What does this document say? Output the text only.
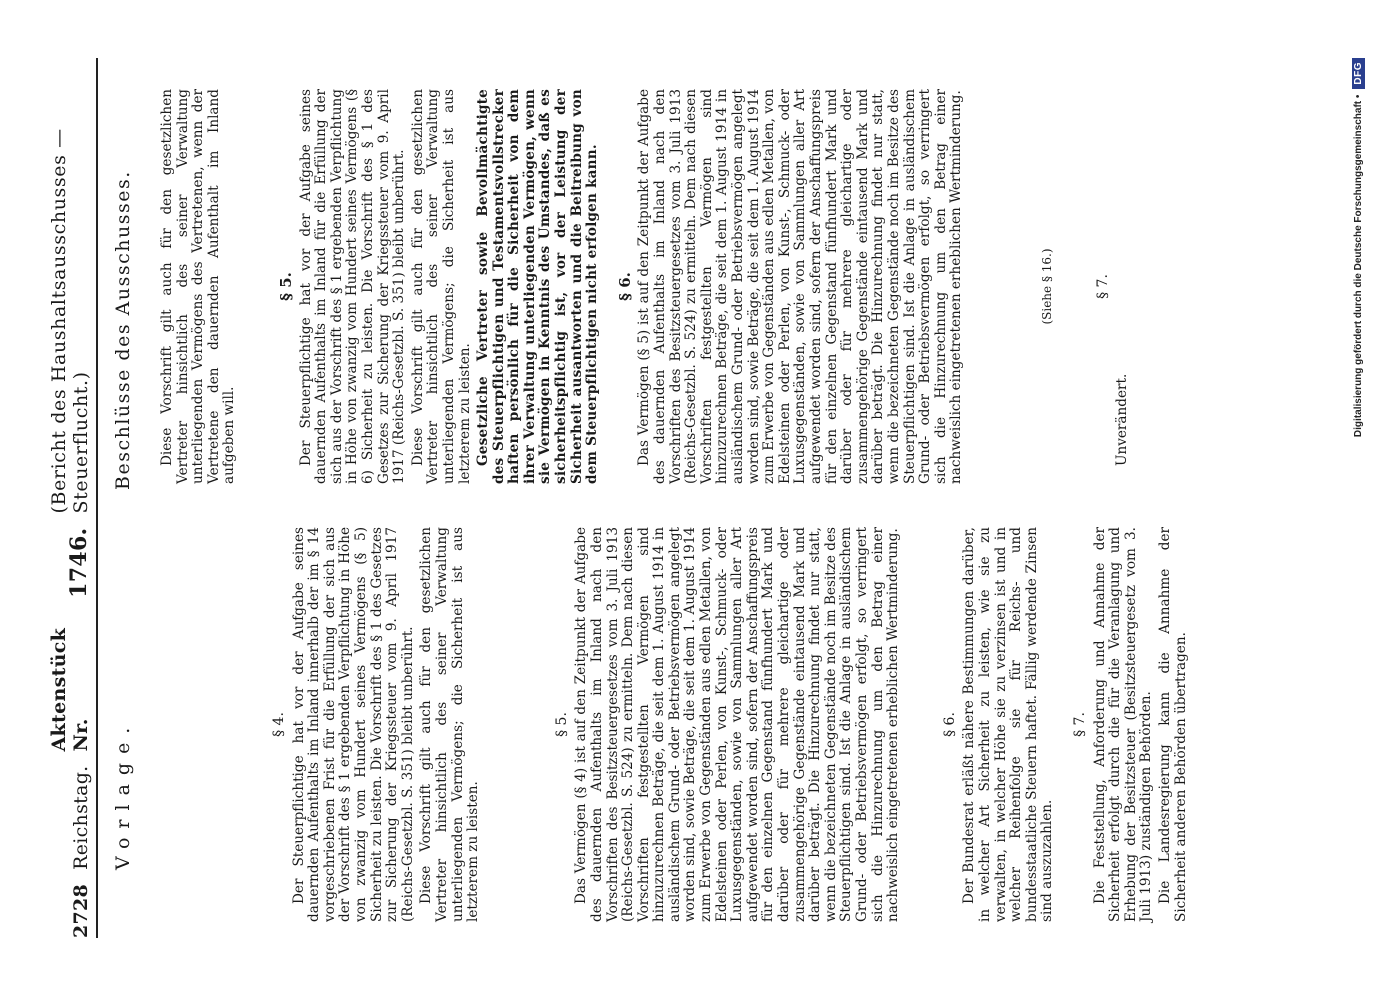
2728
Reichstag.
Aktenstück Nr.
1746.
(Bericht des Haushaltsausschusses — Steuerflucht.)
Vorlage.
Beschlüsse des Ausschusses.
§ 4. Der Steuerpflichtige hat vor der Aufgabe seines dauernden Aufenthalts im Inland innerhalb der im § 14 vorgeschriebenen Frist für die Erfüllung der sich aus der Vorschrift des § 1 ergebenden Verpflichtung in Höhe von zwanzig vom Hundert seines Vermögens (§ 5) Sicherheit zu leisten. Die Vorschrift des § 1 des Gesetzes zur Sicherung der Kriegssteuer vom 9. April 1917 (Reichs-Gesetzbl. S. 351) bleibt unberührt. Diese Vorschrift gilt auch für den gesetzlichen Vertreter hinsichtlich des seiner Verwaltung unterliegenden Vermögens; die Sicherheit ist aus letzterem zu leisten.

§ 5. Das Vermögen (§ 4) ist auf den Zeitpunkt der Aufgabe des dauernden Aufenthalts im Inland nach den Vorschriften des Besitzsteuergesetzes vom 3. Juli 1913 (Reichs-Gesetzbl. S. 524) zu ermitteln. Dem nach diesen Vorschriften festgestellten Vermögen sind hinzuzurechnen Beträge, die seit dem 1. August 1914 in ausländischem Grund- oder Betriebsvermögen angelegt worden sind, sowie Beträge, die seit dem 1. August 1914 zum Erwerbe von Gegenständen aus edlen Metallen, von Edelsteinen oder Perlen, von Kunst-, Schmuck- oder Luxusgegenständen, sowie von Sammlungen aller Art aufgewendet worden sind, sofern der Anschaffungspreis für den einzelnen Gegenstand fünfhundert Mark und darüber oder für mehrere gleichartige oder zusammengehörige Gegenstände eintausend Mark und darüber beträgt. Die Hinzurechnung findet nur statt, wenn die bezeichneten Gegenstände noch im Besitze des Steuerpflichtigen sind. Ist die Anlage in ausländischem Grund- oder Betriebsvermögen erfolgt, so verringert sich die Hinzurechnung um den Betrag einer nachweislich eingetretenen erheblichen Wertminderung.	§ 6. Der Bundesrat erläßt nähere Bestimmungen darüber, in welcher Art Sicherheit zu leisten, wie sie zu verwalten, in welcher Höhe sie zu verzinsen ist und in welcher Reihenfolge sie für Reichs- und bundesstaatliche Steuern haftet. Fällig werdende Zinsen sind auszuzahlen.

§ 7. Die Feststellung, Anforderung und Annahme der Sicherheit erfolgt durch die für die Veranlagung und Erhebung der Besitzsteuer (Besitzsteuergesetz vom 3. Juli 1913) zuständigen Behörden. Die Landesregierung kann die Annahme der Sicherheit anderen Behörden übertragen.

Diese Vorschrift gilt auch für den gesetzlichen Vertreter hinsichtlich des seiner Verwaltung unterliegenden Vermögens des Vertretenen, wenn der Vertretene den dauernden Aufenthalt im Inland aufgeben will.

§ 5. Der Steuerpflichtige hat vor der Aufgabe seines dauernden Aufenthalts im Inland für die Erfüllung der sich aus der Vorschrift des § 1 ergebenden Verpflichtung in Höhe von zwanzig vom Hundert seines Vermögens (§ 6) Sicherheit zu leisten. Die Vorschrift des § 1 des Gesetzes zur Sicherung der Kriegssteuer vom 9. April 1917 (Reichs-Gesetzbl. S. 351) bleibt unberührt. Diese Vorschrift gilt auch für den gesetzlichen Vertreter hinsichtlich des seiner Verwaltung unterliegenden Vermögens; die Sicherheit ist aus letzterem zu leisten. Gesetzliche Vertreter sowie Bevollmächtigte des Steuerpflichtigen und Testamentsvollstrecker haften persönlich für die Sicherheit von dem ihrer Verwaltung unterliegenden Vermögen, wenn sie Vermögen in Kenntnis des Umstandes, daß es sicherheitspflichtig ist, vor der Leistung der Sicherheit ausantworten und die Beitreibung von dem Steuerpflichtigen nicht erfolgen kann. § 6. Das Vermögen (§ 5) ist auf den Zeitpunkt der Aufgabe des dauernden Aufenthalts im Inland nach den Vorschriften des Besitzsteuergesetzes vom 3. Juli 1913 (Reichs-Gesetzbl. S. 524) zu ermitteln. Dem nach diesen Vorschriften festgestellten Vermögen sind hinzuzurechnen Beträge, die seit dem 1. August 1914 in ausländischem Grund- oder Betriebsvermögen angelegt worden sind, sowie Beträge, die seit dem 1. August 1914 zum Erwerbe von Gegenständen aus edlen Metallen, von Edelsteinen oder Perlen, von Kunst-, Schmuck- oder Luxusgegenständen, sowie von Sammlungen aller Art aufgewendet worden sind, sofern der Anschaffungspreis für den einzelnen Gegenstand fünfhundert Mark und darüber oder für mehrere gleichartige oder zusammengehörige Gegenstände eintausend Mark und darüber beträgt. Die Hinzurechnung findet nur statt, wenn die bezeichneten Gegenstände noch im Besitze des Steuerpflichtigen sind. Ist die Anlage in ausländischem Grund- oder Betriebsvermögen erfolgt, so verringert sich die Hinzurechnung um den Betrag einer nachweislich eingetretenen erheblichen Wertminderung.	(Siehe § 16.)	§ 7.

Unverändert.	Digitalisierung gefördert durch die Deutsche Forschungsgemeinschaft •
DFG
